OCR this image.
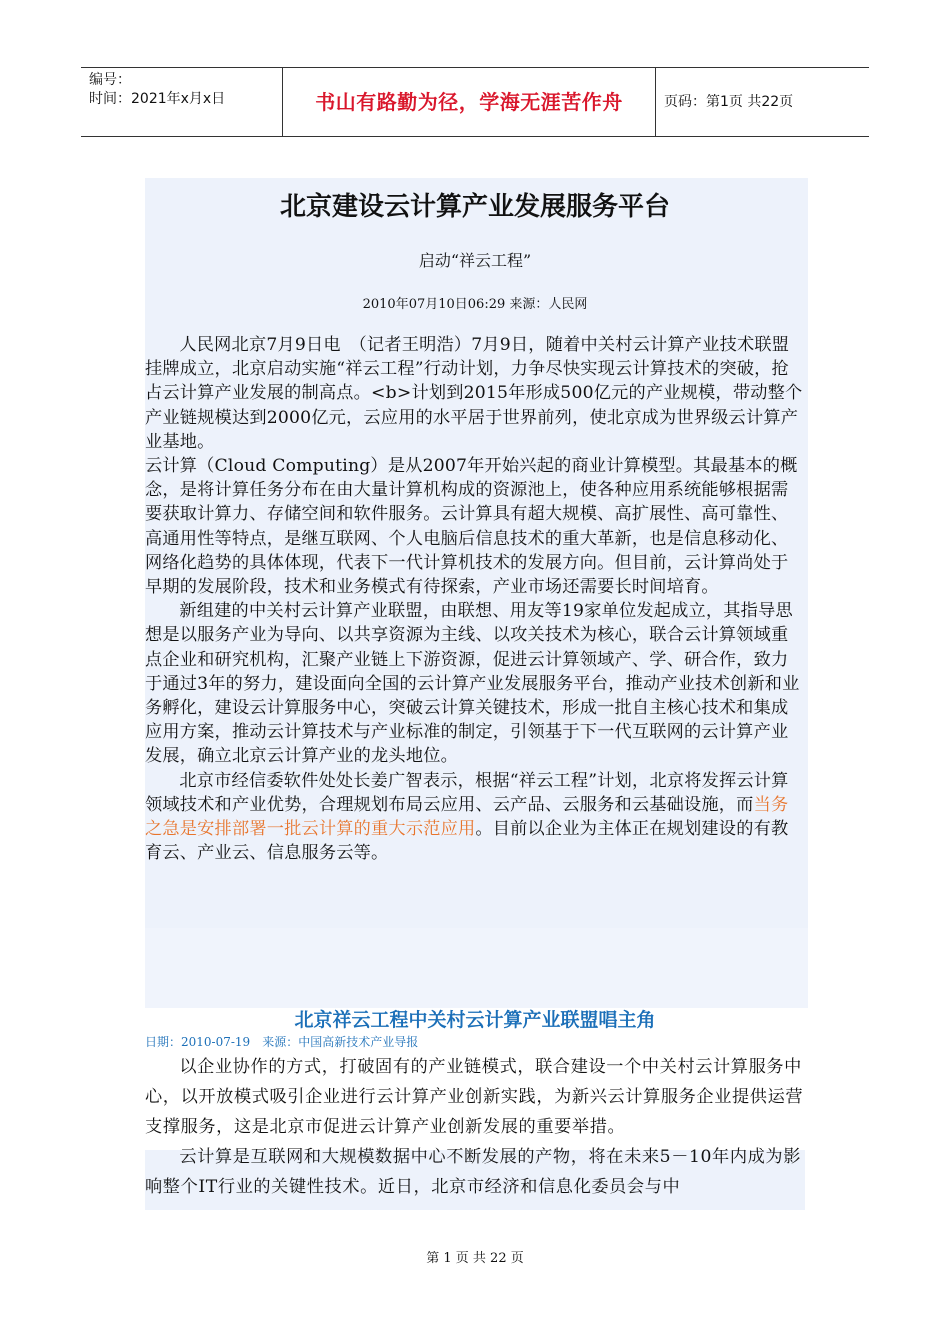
编号：
时间：2021年x月x日	书山有路勤为径，学海无涯苦作舟	页码：第1页 共22页
北京建设云计算产业发展服务平台
启动“祥云工程”
2010年07月10日06:29 来源：人民网

人民网北京7月9日电　（记者王明浩）7月9日，随着中关村云计算产业技术联盟挂牌成立，北京启动实施“祥云工程”行动计划，力争尽快实现云计算技术的突破，抢占云计算产业发展的制高点。<b>计划到2015年形成500亿元的产业规模，带动整个产业链规模达到2000亿元，云应用的水平居于世界前列，使北京成为世界级云计算产业基地。

云计算（Cloud Computing）是从2007年开始兴起的商业计算模型。其最基本的概念，是将计算任务分布在由大量计算机构成的资源池上，使各种应用系统能够根据需要获取计算力、存储空间和软件服务。云计算具有超大规模、高扩展性、高可靠性、高通用性等特点，是继互联网、个人电脑后信息技术的重大革新，也是信息移动化、网络化趋势的具体体现，代表下一代计算机技术的发展方向。但目前，云计算尚处于早期的发展阶段，技术和业务模式有待探索，产业市场还需要长时间培育。

新组建的中关村云计算产业联盟，由联想、用友等19家单位发起成立，其指导思想是以服务产业为导向、以共享资源为主线、以攻关技术为核心，联合云计算领域重点企业和研究机构，汇聚产业链上下游资源，促进云计算领域产、学、研合作，致力于通过3年的努力，建设面向全国的云计算产业发展服务平台，推动产业技术创新和业务孵化，建设云计算服务中心，突破云计算关键技术，形成一批自主核心技术和集成应用方案，推动云计算技术与产业标准的制定，引领基于下一代互联网的云计算产业发展，确立北京云计算产业的龙头地位。

北京市经信委软件处处长姜广智表示，根据“祥云工程”计划，北京将发挥云计算领域技术和产业优势，合理规划布局云应用、云产品、云服务和云基础设施，而当务之急是安排部署一批云计算的重大示范应用。目前以企业为主体正在规划建设的有教育云、产业云、信息服务云等。

北京祥云工程中关村云计算产业联盟唱主角
日期：2010-07-19　来源：中国高新技术产业导报

以企业协作的方式，打破固有的产业链模式，联合建设一个中关村云计算服务中心，以开放模式吸引企业进行云计算产业创新实践，为新兴云计算服务企业提供运营支撑服务，这是北京市促进云计算产业创新发展的重要举措。

云计算是互联网和大规模数据中心不断发展的产物，将在未来5－10年内成为影响整个IT行业的关键性技术。近日，北京市经济和信息化委员会与中

第 1 页 共 22 页
